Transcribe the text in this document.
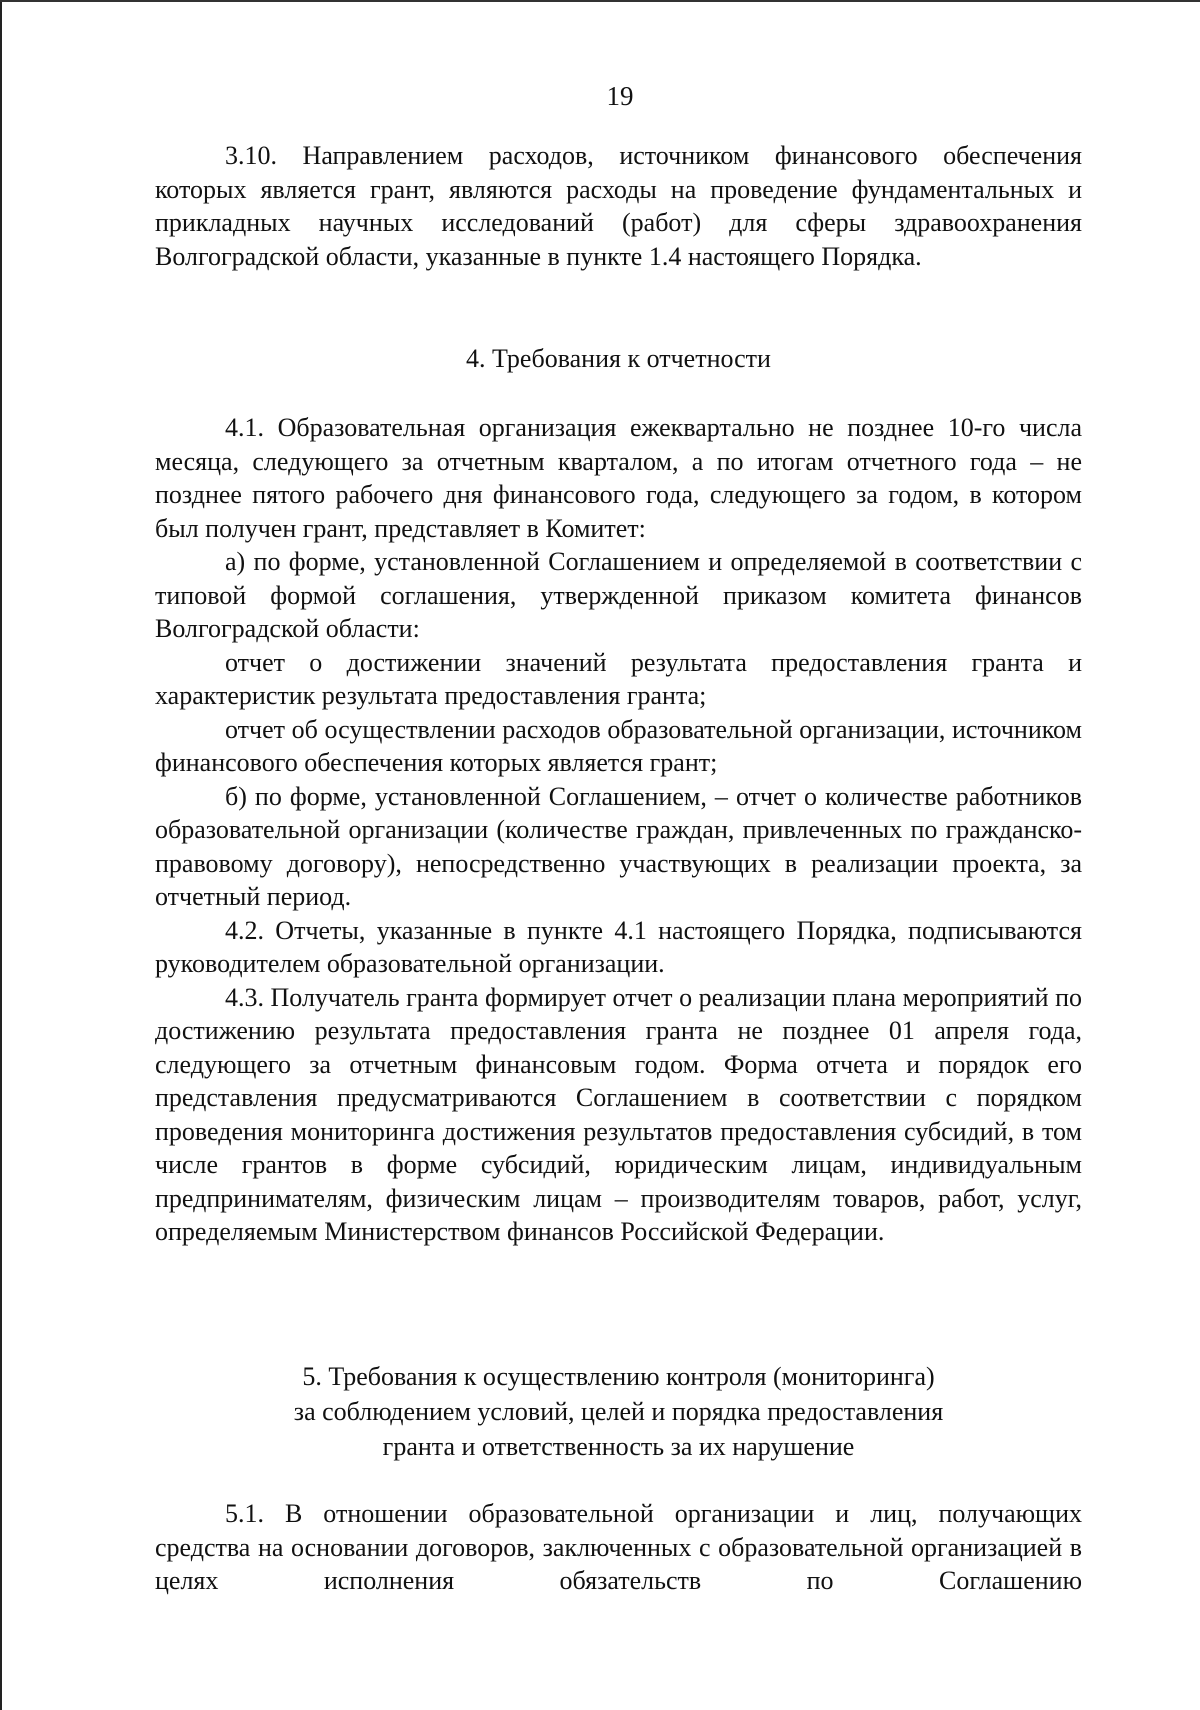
19

3.10. Направлением расходов, источником финансового обеспечения которых является грант, являются расходы на проведение фундаментальных и прикладных научных исследований (работ) для сферы здравоохранения Волгоградской области, указанные в пункте 1.4 настоящего Порядка.

4. Требования к отчетности

4.1. Образовательная организация ежеквартально не позднее 10-го числа месяца, следующего за отчетным кварталом, а по итогам отчетного года – не позднее пятого рабочего дня финансового года, следующего за годом, в котором был получен грант, представляет в Комитет:

а) по форме, установленной Соглашением и определяемой в соответствии с типовой формой соглашения, утвержденной приказом комитета финансов Волгоградской области:

отчет о достижении значений результата предоставления гранта и характеристик результата предоставления гранта;

отчет об осуществлении расходов образовательной организации, источником финансового обеспечения которых является грант;

б) по форме, установленной Соглашением, – отчет о количестве работников образовательной организации (количестве граждан, привлеченных по гражданско-правовому договору), непосредственно участвующих в реализации проекта, за отчетный период.

4.2. Отчеты, указанные в пункте 4.1 настоящего Порядка, подписываются руководителем образовательной организации.

4.3. Получатель гранта формирует отчет о реализации плана мероприятий по достижению результата предоставления гранта не позднее 01 апреля года, следующего за отчетным финансовым годом. Форма отчета и порядок его представления предусматриваются Соглашением в соответствии с порядком проведения мониторинга достижения результатов предоставления субсидий, в том числе грантов в форме субсидий, юридическим лицам, индивидуальным предпринимателям, физическим лицам – производителям товаров, работ, услуг, определяемым Министерством финансов Российской Федерации.

5. Требования к осуществлению контроля (мониторинга)
за соблюдением условий, целей и порядка предоставления
гранта и ответственность за их нарушение

5.1. В отношении образовательной организации и лиц, получающих средства на основании договоров, заключенных с образовательной организацией в целях исполнения обязательств по Соглашению
